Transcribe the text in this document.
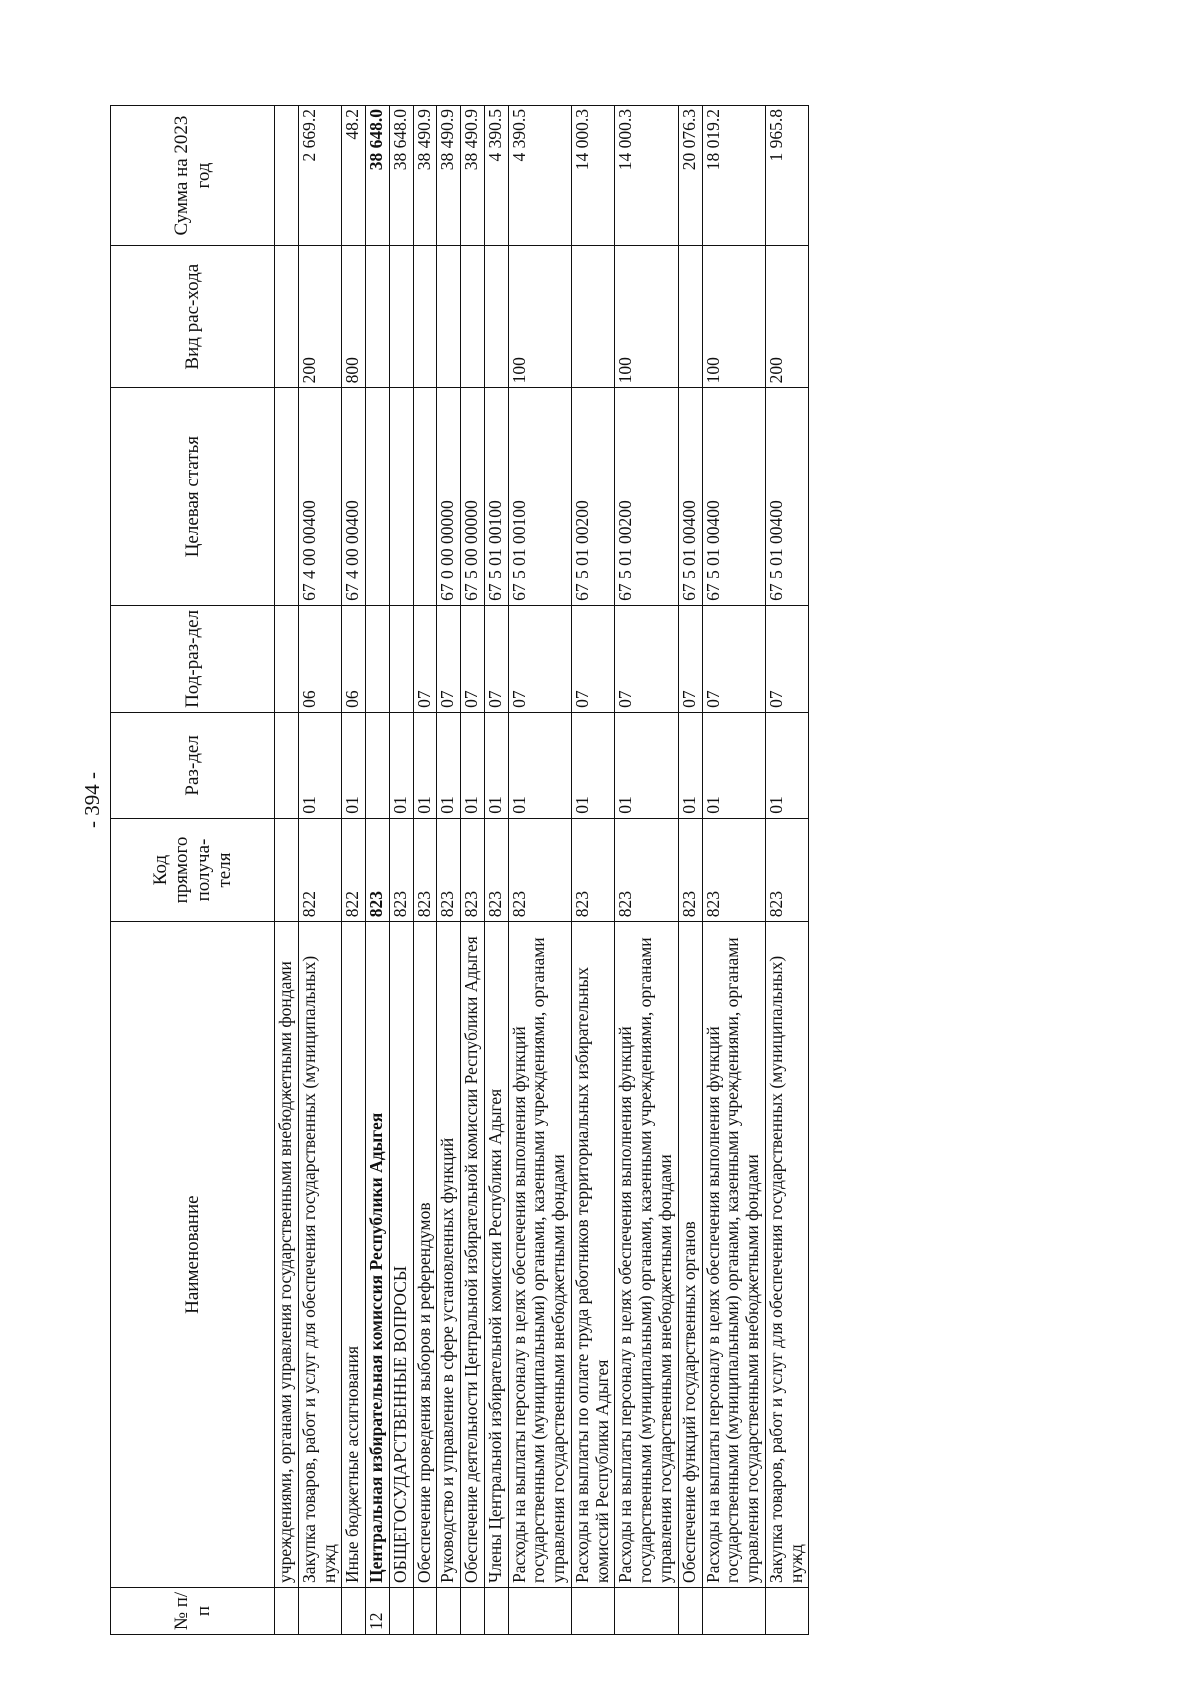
- 394 -
№ п/п	Наименование	Код прямого получа-теля	Раз-дел	Под-раз-дел	Целевая статья	Вид рас-хода	Сумма на 2023 год
	учреждениями, органами управления государственными внебюджетными фондами						
	Закупка товаров, работ и услуг для обеспечения государственных (муниципальных) нужд	822	01	06	67 4 00 00400	200	2 669.2
	Иные бюджетные ассигнования	822	01	06	67 4 00 00400	800	48.2
12	Центральная избирательная комиссия Республики Адыгея	823					38 648.0
	ОБЩЕГОСУДАРСТВЕННЫЕ ВОПРОСЫ	823	01				38 648.0
	Обеспечение проведения выборов и референдумов	823	01	07			38 490.9
	Руководство и управление в сфере установленных функций	823	01	07	67 0 00 00000		38 490.9
	Обеспечение деятельности Центральной избирательной комиссии Республики Адыгея	823	01	07	67 5 00 00000		38 490.9
	Члены Центральной избирательной комиссии Республики Адыгея	823	01	07	67 5 01 00100		4 390.5
	Расходы на выплаты персоналу в целях обеспечения выполнения функций государственными (муниципальными) органами, казенными учреждениями, органами управления государственными внебюджетными фондами	823	01	07	67 5 01 00100	100	4 390.5
	Расходы на выплаты по оплате труда работников территориальных избирательных комиссий Республики Адыгея	823	01	07	67 5 01 00200		14 000.3
	Расходы на выплаты персоналу в целях обеспечения выполнения функций государственными (муниципальными) органами, казенными учреждениями, органами управления государственными внебюджетными фондами	823	01	07	67 5 01 00200	100	14 000.3
	Обеспечение функций государственных органов	823	01	07	67 5 01 00400		20 076.3
	Расходы на выплаты персоналу в целях обеспечения выполнения функций государственными (муниципальными) органами, казенными учреждениями, органами управления государственными внебюджетными фондами	823	01	07	67 5 01 00400	100	18 019.2
	Закупка товаров, работ и услуг для обеспечения государственных (муниципальных) нужд	823	01	07	67 5 01 00400	200	1 965.8
